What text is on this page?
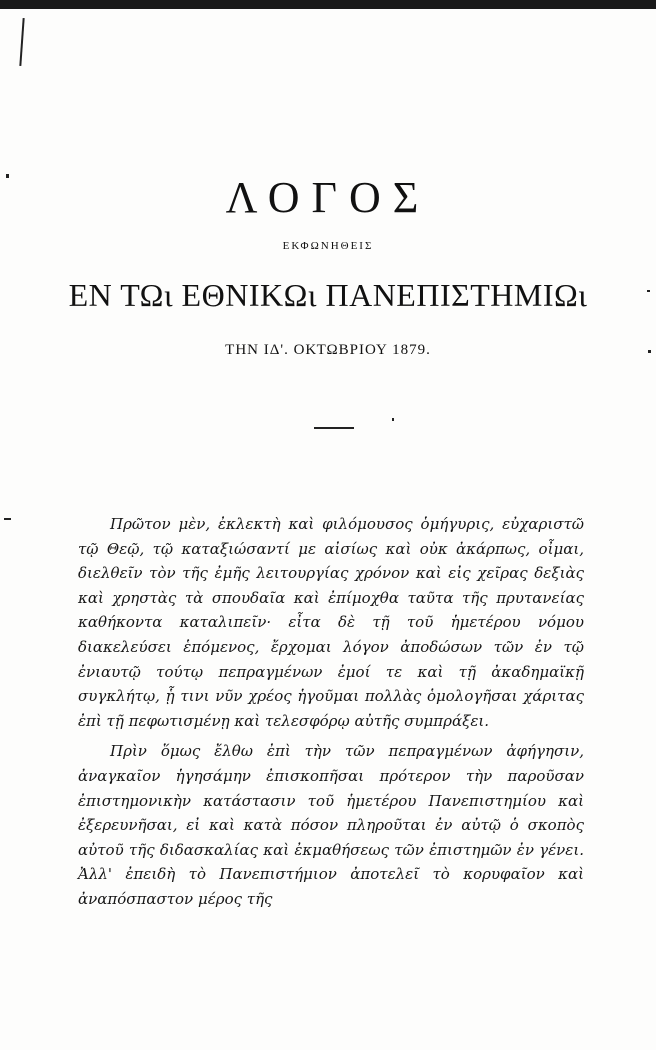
ΛΟΓΟΣ
ΕΚΦΩΝΗΘΕΙΣ
ΕΝ ΤΩι ΕΘΝΙΚΩι ΠΑΝΕΠΙΣΤΗΜΙΩι
ΤΗΝ ΙΔ'. ΟΚΤΩΒΡΙΟΥ 1879.

Πρῶτον μὲν, ἐκλεκτὴ καὶ φιλόμουσος ὁμήγυρις, εὐχαριστῶ τῷ Θεῷ, τῷ καταξιώσαντί με αἰσίως καὶ οὐκ ἀκάρπως, οἶμαι, διελθεῖν τὸν τῆς ἐμῆς λειτουργίας χρόνον καὶ εἰς χεῖρας δεξιὰς καὶ χρηστὰς τὰ σπουδαῖα καὶ ἐπίμοχθα ταῦτα τῆς πρυτανείας καθήκοντα καταλιπεῖν· εἶτα δὲ τῇ τοῦ ἡμετέρου νόμου διακελεύσει ἑπόμενος, ἔρχομαι λόγον ἀποδώσων τῶν ἐν τῷ ἐνιαυτῷ τούτῳ πεπραγμένων ἐμοί τε καὶ τῇ ἀκαδημαϊκῇ συγκλήτῳ, ᾗ τινι νῦν χρέος ἡγοῦμαι πολλὰς ὁμολογῆσαι χάριτας ἐπὶ τῇ πεφωτισμένῃ καὶ τελεσφόρῳ αὐτῆς συμπράξει.

Πρὶν ὅμως ἔλθω ἐπὶ τὴν τῶν πεπραγμένων ἀφήγησιν, ἀναγκαῖον ἡγησάμην ἐπισκοπῆσαι πρότερον τὴν παροῦσαν ἐπιστημονικὴν κατάστασιν τοῦ ἡμετέρου Πανεπιστημίου καὶ ἐξερευνῆσαι, εἰ καὶ κατὰ πόσον πληροῦται ἐν αὐτῷ ὁ σκοπὸς αὐτοῦ τῆς διδασκαλίας καὶ ἐκμαθήσεως τῶν ἐπιστημῶν ἐν γένει. Ἀλλ' ἐπειδὴ τὸ Πανεπιστήμιον ἀποτελεῖ τὸ κορυφαῖον καὶ ἀναπόσπαστον μέρος τῆς
